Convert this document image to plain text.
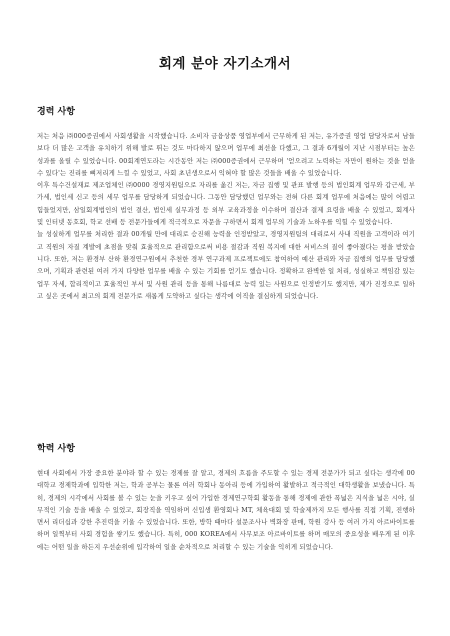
회계 분야 자기소개서
경력 사항

저는 처음 ㈜000증권에서 사회생활을 시작했습니다. 소비자 금융상품 영업부에서 근무하게 된 저는, 유가증권 영업 담당자로서 남들보다 더 많은 고객을 유치하기 위해 발로 뛰는 것도 마다하지 않으며 업무에 최선을 다했고, 그 결과 6개월이 지난 시점부터는 높은 성과를 올릴 수 있었습니다. 00회계연도라는 시간동안 저는 ㈜000증권에서 근무하며 '얻으려고 노력하는 자만이 원하는 것을 얻을 수 있다'는 진리를 뼈저리게 느낄 수 있었고, 사회 초년생으로서 익혀야 할 많은 것들을 배울 수 있었습니다.

이후 특수건설재료 제조업체인 ㈜0000 경영지원팀으로 자리를 옮긴 저는, 자금 집행 및 관표 발행 등의 법인회계 업무와 갑근세, 부가세, 법인세 신고 등의 세무 업무를 담당하게 되었습니다. 그동안 담당했던 업무와는 전혀 다른 회계 업무에 처음에는 많이 어렵고 힘들었지만, 삼일회계법인의 법인 결산, 법인세 실무과정 등 외부 교육과정을 이수하며 결산과 결제 요령을 배울 수 있었고, 회계사 및 인터넷 동호회, 학교 선배 등 전문가들에게 적극적으로 자문을 구하면서 회계 업무의 기술과 노하우를 익힐 수 있었습니다.

늘 성실하게 업무를 처리한 결과 00개월 만에 대리로 승진해 능력을 인정받았고, 경영지원팀의 대리로서 사내 직원을 고객이라 여기고 직원의 자질 계발에 초점을 맞춰 효율적으로 관리함으로써 비용 절감과 직원 복지에 대한 서비스의 질이 좋아졌다는 평을 받았습니다. 또한, 저는 환경부 산하 환경연구원에서 추천한 경부 연구과제 프로젝트에도 참여하여 예산 관리와 자금 집행의 업무를 담당했으며, 기획과 관련된 여러 가지 다양한 업무를 배울 수 있는 기회를 얻기도 했습니다. 정확하고 완벽한 일 처리, 성실하고 책임감 있는 업무 자세, 합리적이고 효율적인 부서 및 사원 관리 등을 통해 나름대로 능력 있는 사원으로 인정받기도 했지만, 제가 진정으로 일하고 싶은 곳에서 최고의 회계 전문가로 새롭게 도약하고 싶다는 생각에 이직을 결심하게 되었습니다.

학력 사항

현대 사회에서 가장 중요한 분야라 할 수 있는 경제를 잘 알고, 경제의 흐름을 주도할 수 있는 경제 전문가가 되고 싶다는 생각에 00대학교 경제학과에 입학한 저는, 학과 공부는 물론 여러 학회나 동아리 등에 가입하여 활발하고 적극적인 대학생활을 보냈습니다. 특히, 경제의 시각에서 사회를 볼 수 있는 눈을 키우고 싶어 가입한 경제연구학회 활동을 통해 경제에 관한 폭넓은 지식을 넓은 시야, 실무적인 기술 등을 배울 수 있었고, 회장직을 역임하며 신입생 환영회나 MT, 체육대회 및 학술제까지 모든 행사를 직접 기획, 진행하면서 리더십과 강한 추진력을 키울 수 있었습니다. 또한, 방학 때마다 설문조사나 벽화장 판매, 학원 강사 등 여러 가지 아르바이트를 하며 일찍부터 사회 경험을 쌓기도 했습니다. 특히, 000 KOREA에서 사무보조 아르바이트를 하며 매모의 중요성을 배우게 된 이후에는 어떤 일을 하든지 우선순위에 입각하여 일을 순차적으로 처리할 수 있는 기술을 익히게 되었습니다.
